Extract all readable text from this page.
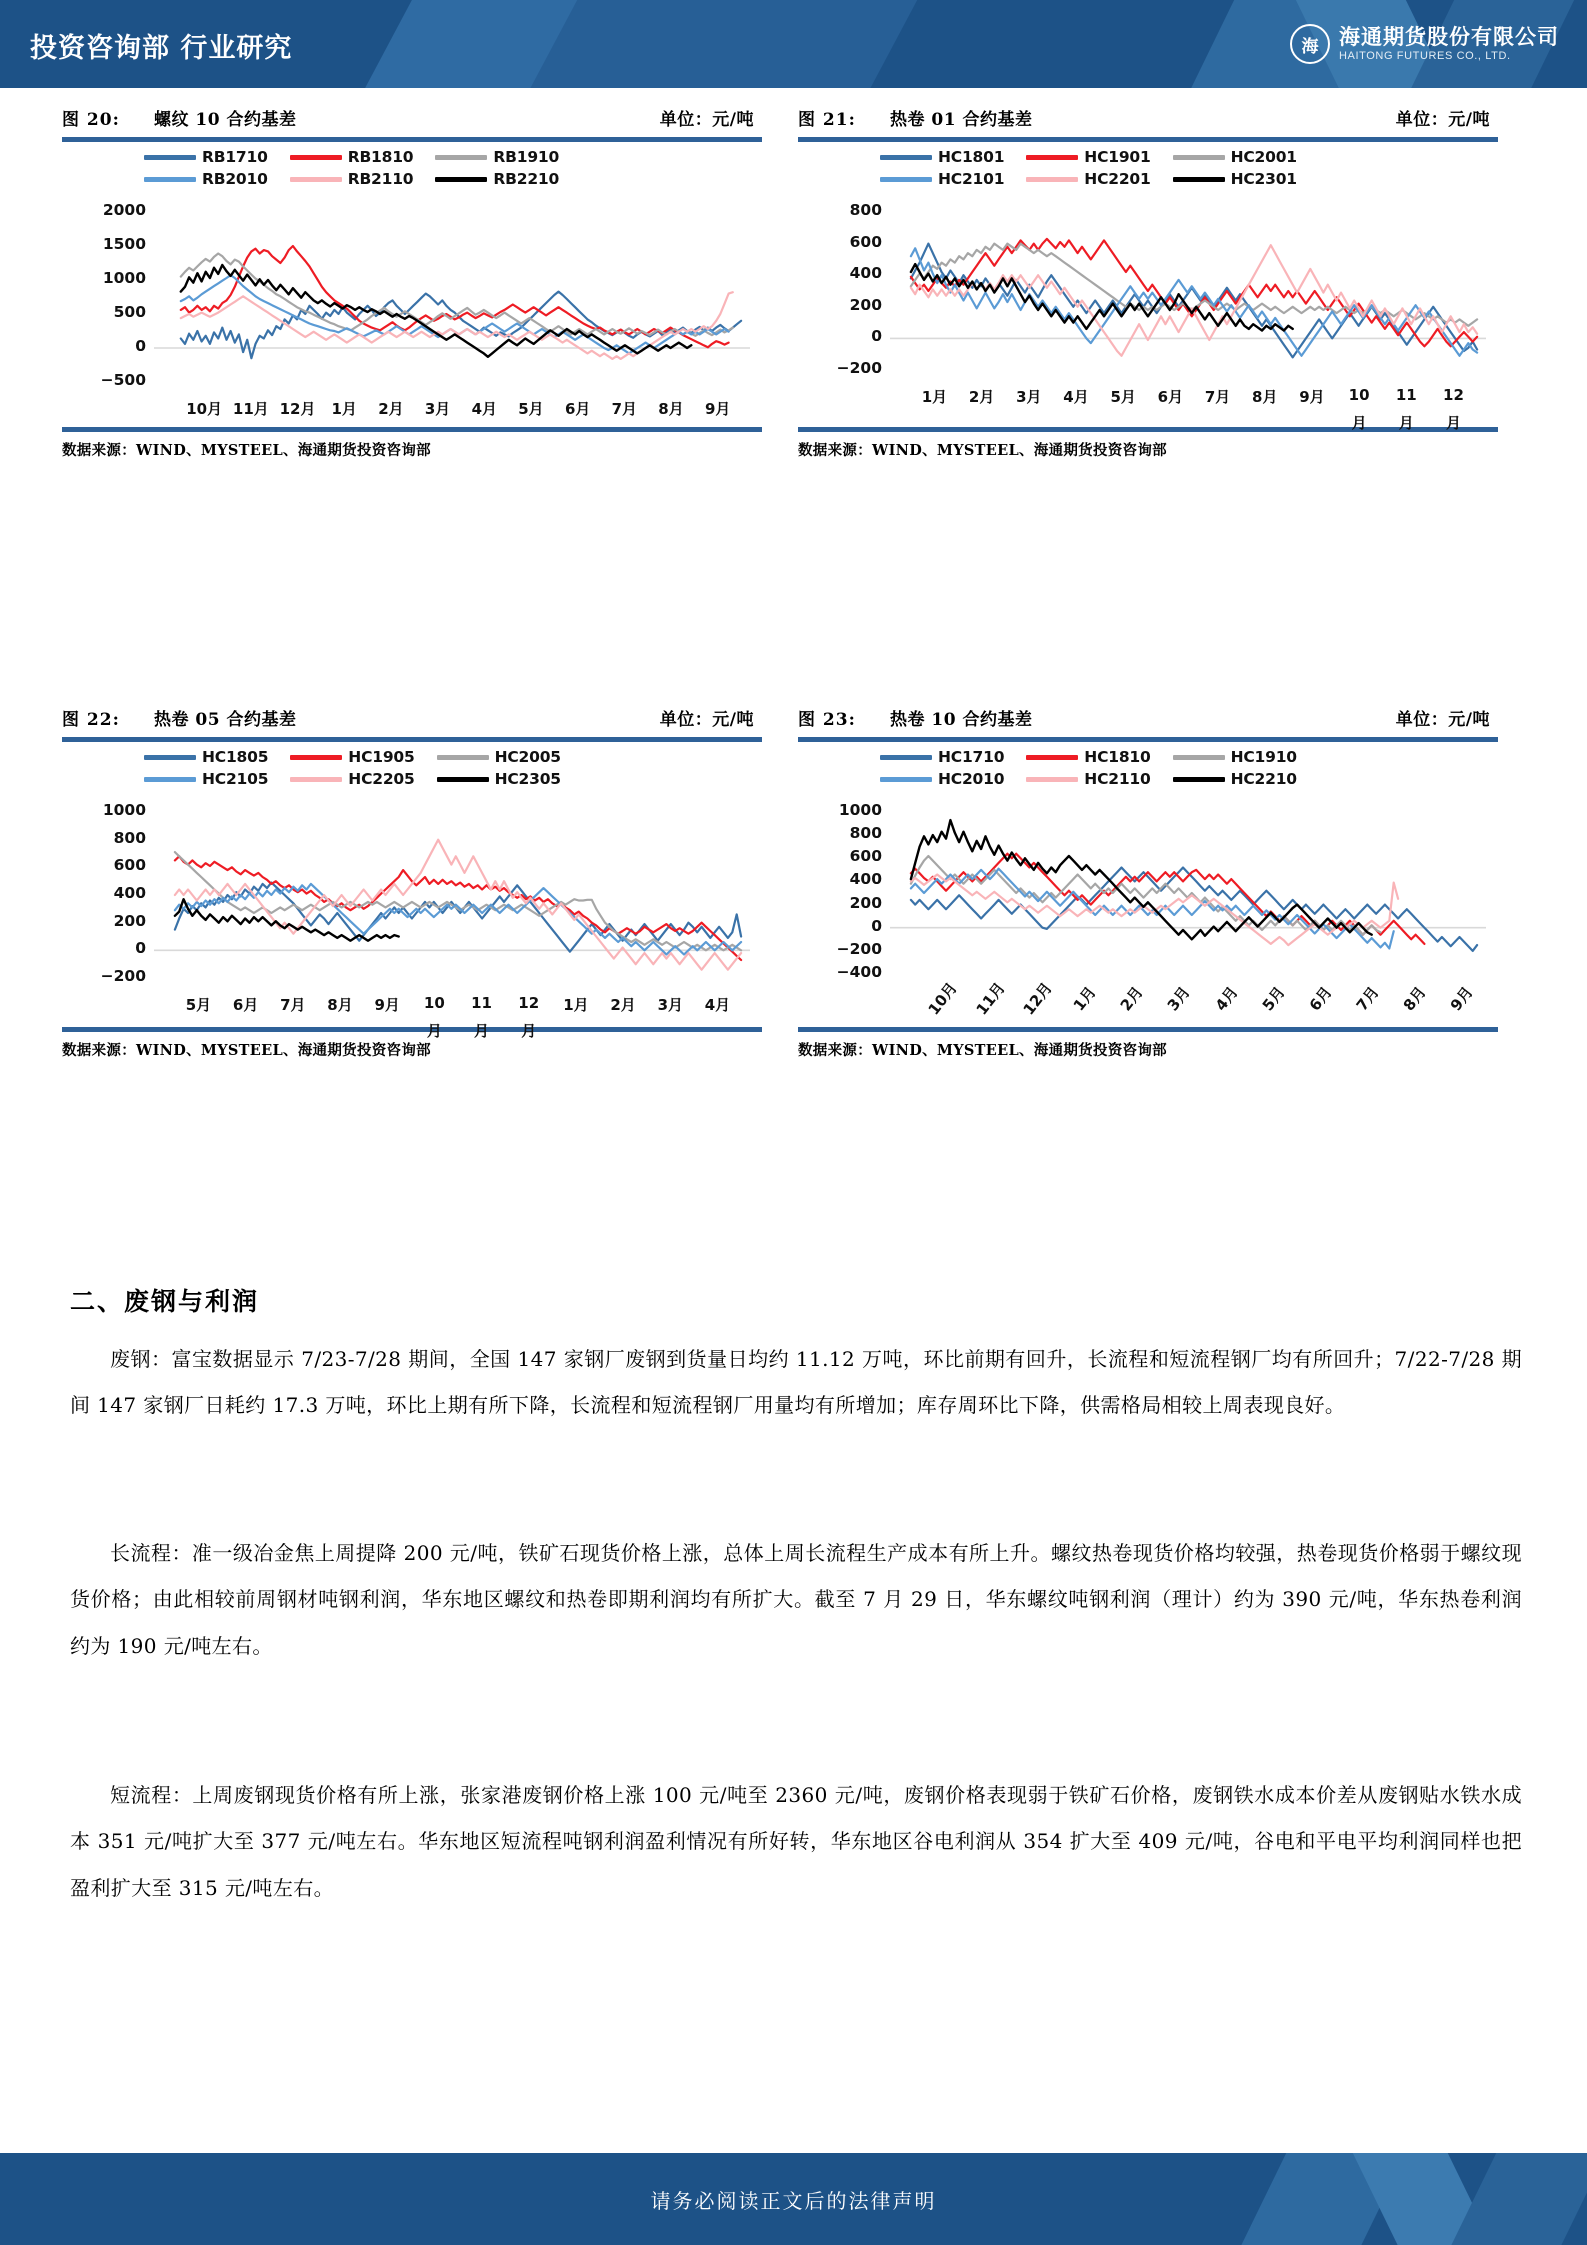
投资咨询部 行业研究	海 海通期货股份有限公司
HAITONG FUTURES CO., LTD.
图 20:	螺纹 10 合约基差	单位：元/吨
RB1710	RB1810	RB1910
RB2010	RB2110	RB2210
2000
1500
1000
500
0
−500
10月 11月 12月	1月	2月	3月	4月	5月	6月	7月	8月	9月
数据来源：WIND、MYSTEEL、海通期货投资咨询部
图 21:	热卷 01 合约基差	单位：元/吨
HC1801	HC1901	HC2001
HC2101	HC2201	HC2301
800
600
400
200
0
−200
1月	2月	3月	4月	5月	6月	7月	8月	9月	10	11	12
月	月	月
数据来源：WIND、MYSTEEL、海通期货投资咨询部
图 22:	热卷 05 合约基差	单位：元/吨
HC1805	HC1905	HC2005
HC2105	HC2205	HC2305
1000
800
600
400
200
0
−200
5月	6月	7月	8月	9月	10	11	12	1月	2月	3月	4月
月	月	月
数据来源：WIND、MYSTEEL、海通期货投资咨询部
图 23:	热卷 10 合约基差	单位：元/吨
HC1710	HC1810	HC1910
HC2010	HC2110	HC2210
1000
800
600
400
200
0
−200
−400
10月 11月 12月 1月	2月	3月	4月	5月	6月	7月	8月	9月
数据来源：WIND、MYSTEEL、海通期货投资咨询部
二、废钢与利润
废钢：富宝数据显示 7/23-7/28 期间，全国 147 家钢厂废钢到货量日均约 11.12 万吨，环比前期有回升，长流程和短流程钢厂均有所回升；7/22-7/28 期间 147 家钢厂日耗约 17.3 万吨，环比上期有所下降，长流程和短流程钢厂用量均有所增加；库存周环比下降，供需格局相较上周表现良好。
长流程：准一级冶金焦上周提降 200 元/吨，铁矿石现货价格上涨，总体上周长流程生产成本有所上升。螺纹热卷现货价格均较强，热卷现货价格弱于螺纹现货价格；由此相较前周钢材吨钢利润，华东地区螺纹和热卷即期利润均有所扩大。截至 7 月 29 日，华东螺纹吨钢利润（理计）约为 390 元/吨，华东热卷利润约为 190 元/吨左右。
短流程：上周废钢现货价格有所上涨，张家港废钢价格上涨 100 元/吨至 2360 元/吨，废钢价格表现弱于铁矿石价格，废钢铁水成本价差从废钢贴水铁水成本 351 元/吨扩大至 377 元/吨左右。华东地区短流程吨钢利润盈利情况有所好转，华东地区谷电利润从 354 扩大至 409 元/吨，谷电和平电平均利润同样也把盈利扩大至 315 元/吨左右。
请务必阅读正文后的法律声明
